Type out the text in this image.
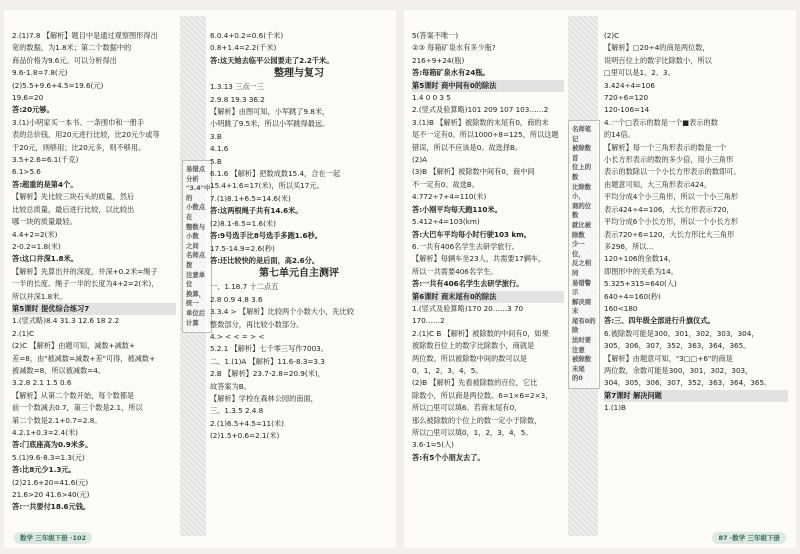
2.(1)7.8 【解析】题目中是通过观察图形得出
宽的数据，为1.8米；第二个数据中的
商品价格为9.6元。可以分析得出
9.6-1.8=7.8(元)
(2)5.5+9.6+4.5=19.6(元)
19.6=20
答:20元够。
3.(1)小明家买一本书、一条围巾和一册手
表的总价钱，用20元进行比较，比20元少或等
于20元，则够用；比20元多，则不够用。
3.5+2.6=6.1(千克)
6.1>5.6
答:超重的是第4个。
【解析】先比较三块石头的质量，然后
比较总质量，最后进行比较，以比较出
哪一块的质量最轻。
4.4+2=2(米)
2-0.2=1.8(米)
答:这口井深1.8米。
【解析】先算出井的深度，井深+0.2米=绳子
一半的长度。绳子一半的长度为4+2=2(米)，
所以井深1.8米。
第5课时 提优综合练习7
1.(竖式略)8.4 31.3 12.6 18 2.2
2.(1)C
(2)C 【解析】由题可知，减数+减数+
差=8，由"被减数=减数+差"可得，被减数+
被减数=8，所以被减数=4。
3.2.8 2.1 1.5 0.6
【解析】从第二个数开始，每个数都是
前一个数减去0.7，第三个数是2.1，所以
第二个数是2.1+0.7=2.8。
4.2.1+0.3=2.4(米)
答:门底座高为0.9米多。
5.(1)9.6-8.3=1.3(元)
答:比8元少1.3元。
(2)21.6+20=41.6(元)
21.6>20 41.6>40(元)
答:一共要付18.6元钱。
易错点分析
"3.4"中的
小数点在
整数与小数
之间
名师点拨
注意单位
换算，统一
单位后计算
6.0.4+0.2=0.6(千米)
0.8+1.4=2.2(千米)
答:这天她去临平公园要走了2.2千米。
整理与复习
1.3.13 三点一三
2.9.8 19.3 36.2
【解析】由图可知，小军跳了9.8米，
小明跳了9.5米，所以小军跳得最远。
3.B
4.1.6
5.B
6.1.6 【解析】把数成数15.4，合在一起
15.4+1.6=17(米)，所以买17元。
7.(1)8.1+6.5=14.6(米)
答:这两根绳子共有14.6米。
(2)8.1-6.5=1.6(米)
答:9号选手比8号选手多跑1.6秒。
17.5-14.9=2.6(秒)
答:还比较快的是后面，高2.6分。
第七单元自主测评
一、1.18.7 十二点五
2.8 0.9 4.8 3.6
3.3.4 > 【解析】比较两个小数大小，先比较
整数部分，再比较小数部分。
4.> < < = > <
5.2.1 【解析】七千零三写作7003。
二、1.(1)A 【解析】11.6-8.3=3.3
2.B 【解析】23.7-2.8=20.9(米)，
故答案为B。
【解析】学校在森林公园的南面，
三、1.3.5 2.4.8
2.(1)6.5+4.5=11(米)
(2)1.5+0.6=2.1(米)
数学 三年级下册 ·102
5(答案不唯一)
②③ 每箱矿泉水有多少瓶?
216÷9+24(瓶)
答:每箱矿泉水有24瓶。
第5课时 商中间有0的除法
1.4 0 0 3 5
2.(竖式及验算略)101 209 107 103……2
3.(1)B 【解析】被除数的末尾有0，商的末
尾不一定有0。所以1000÷8=125，所以这题
错误，所以不应该是0。故选择B。
(2)A
(3)B 【解析】被除数中间有0，商中间
不一定有0。故选B。
4.772÷7+4=110(米)
答:小刚平均每天跑110米。
5.412÷4=103(km)
答:大巴车平均每小时行驶103 km。
6.一共有406名学生去研学旅行。
【解析】每辆车坐23人，共需要17辆车，
所以一共需要406名学生。
答:一共有406名学生去研学旅行。
第6课时 商末尾有0的除法
1.(竖式及验算略)170 20……3 70
170……2
2.(1)C B 【解析】被除数的中间有0，如果
被除数百位上的数字比除数小，商就是
两位数。所以被除数中间的数可以是
0，1，2，3，4，5。
(2)B 【解析】先看被除数的百位，它比
除数小，所以商是两位数。6=1×6=2×3，
所以□里可以填6。若商末尾有0，
那么被除数的个位上的数一定小于除数，
所以□里可以填0，1，2，3，4，5。
3.6-1=5(人)
答:有5个小朋友去了。
名师笔记
被除数首
位上的数
比除数小，
商的位数
就比被除数
少一位，
反之相同
易错警示
解决商末
尾有0的除
法时要注意
被除数末尾
的0
(2)C
【解析】□20÷4的商是两位数，
说明百位上的数字比除数小，所以
□里可以是1、2、3。
3.424÷4=106
720÷6=120
120-106=14
4.一个□表示的数是一个■表示的数
的14倍。
【解析】每一个三角形表示的数是一个
小长方形表示的数的多少倍，用小三角形
表示的数除以一个小长方形表示的数即可。
由题意可知，大三角形表示424，
平均分成4个小三角形，所以一个小三角形
表示424÷4=106，大长方形表示720，
平均分成6个小长方形，所以一个小长方形
表示720÷6=120，大长方形比大三角形
多296，所以...
120÷106的余数14，
即图形中的关系为14。
5.325+315=640(人)
640÷4=160(秒)
160<180
答:三、四年级全部进行升旗仪式。
6.被除数可能是300，301，302，303，304，
305，306，307，352，363，364，365。
【解析】由题意可知，"3□□+6"的商是
两位数，余数可能是300，301，302，303，
304，305，306，307，352，363，364，365。
第7课时 解决问题
1.(1)B
87 ·数学 三年级下册
